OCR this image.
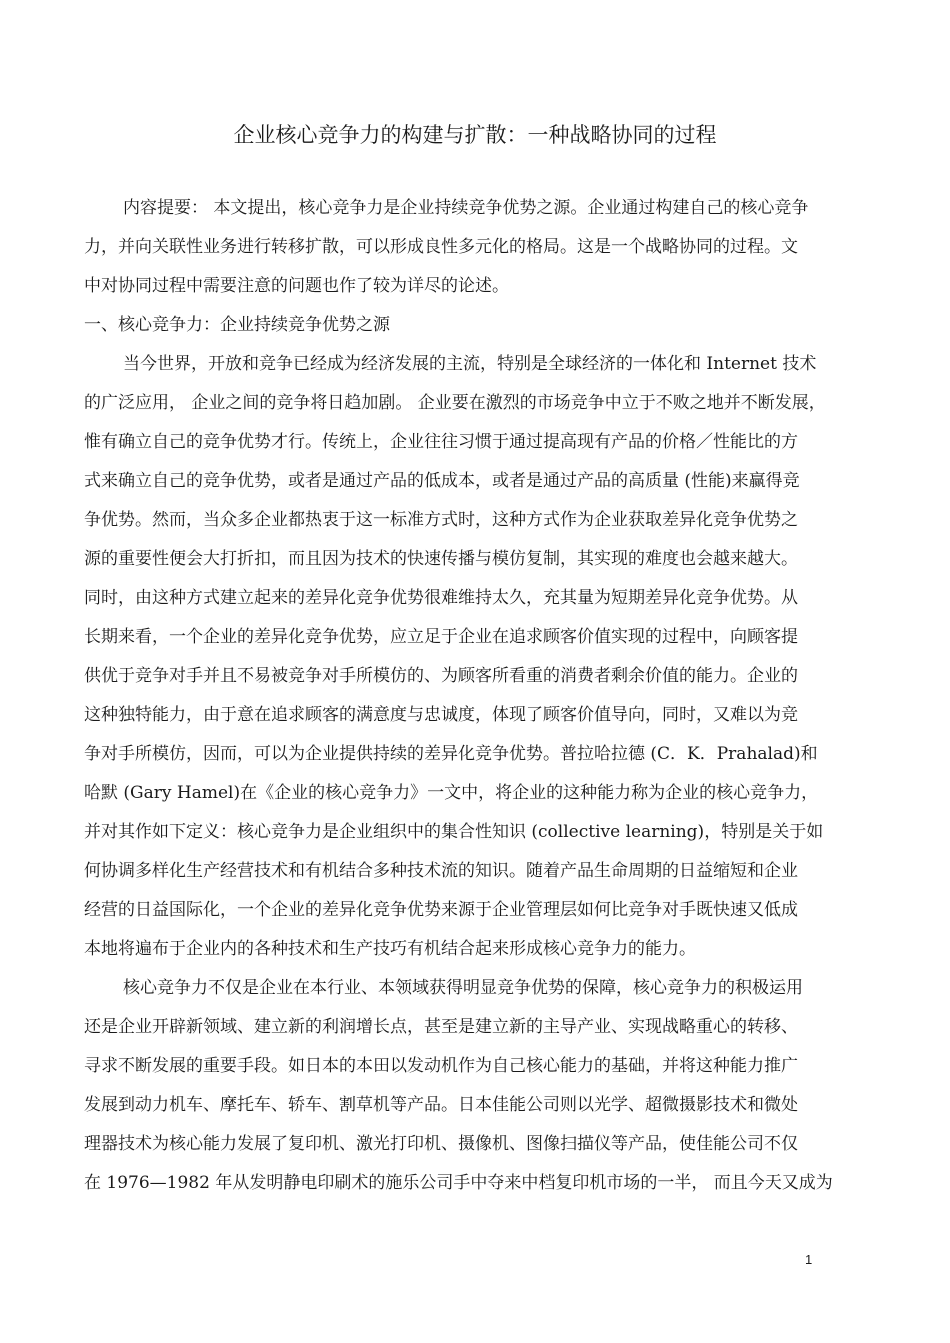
企业核心竞争力的构建与扩散：一种战略协同的过程
内容提要： 本文提出，核心竞争力是企业持续竞争优势之源。企业通过构建自己的核心竞争
力，并向关联性业务进行转移扩散，可以形成良性多元化的格局。这是一个战略协同的过程。文
中对协同过程中需要注意的问题也作了较为详尽的论述。
一、核心竞争力：企业持续竞争优势之源
当今世界，开放和竞争已经成为经济发展的主流，特别是全球经济的一体化和 Internet 技术
的广泛应用， 企业之间的竞争将日趋加剧。 企业要在激烈的市场竞争中立于不败之地并不断发展，
惟有确立自己的竞争优势才行。传统上，企业往往习惯于通过提高现有产品的价格／性能比的方
式来确立自己的竞争优势，或者是通过产品的低成本，或者是通过产品的高质量 (性能)来赢得竞
争优势。然而，当众多企业都热衷于这一标准方式时，这种方式作为企业获取差异化竞争优势之
源的重要性便会大打折扣，而且因为技术的快速传播与模仿复制，其实现的难度也会越来越大。
同时，由这种方式建立起来的差异化竞争优势很难维持太久，充其量为短期差异化竞争优势。从
长期来看，一个企业的差异化竞争优势，应立足于企业在追求顾客价值实现的过程中，向顾客提
供优于竞争对手并且不易被竞争对手所模仿的、为顾客所看重的消费者剩余价值的能力。企业的
这种独特能力，由于意在追求顾客的满意度与忠诚度，体现了顾客价值导向，同时，又难以为竞
争对手所模仿，因而，可以为企业提供持续的差异化竞争优势。普拉哈拉德 (C．K．Prahalad)和
哈默 (Gary Hamel)在《企业的核心竞争力》一文中，将企业的这种能力称为企业的核心竞争力，
并对其作如下定义：核心竞争力是企业组织中的集合性知识 (collective learning)，特别是关于如
何协调多样化生产经营技术和有机结合多种技术流的知识。随着产品生命周期的日益缩短和企业
经营的日益国际化，一个企业的差异化竞争优势来源于企业管理层如何比竞争对手既快速又低成
本地将遍布于企业内的各种技术和生产技巧有机结合起来形成核心竞争力的能力。
核心竞争力不仅是企业在本行业、本领域获得明显竞争优势的保障，核心竞争力的积极运用
还是企业开辟新领域、建立新的利润增长点，甚至是建立新的主导产业、实现战略重心的转移、
寻求不断发展的重要手段。如日本的本田以发动机作为自己核心能力的基础，并将这种能力推广
发展到动力机车、摩托车、轿车、割草机等产品。日本佳能公司则以光学、超微摄影技术和微处
理器技术为核心能力发展了复印机、激光打印机、摄像机、图像扫描仪等产品，使佳能公司不仅
在 1976—1982 年从发明静电印刷术的施乐公司手中夺来中档复印机市场的一半， 而且今天又成为
1
